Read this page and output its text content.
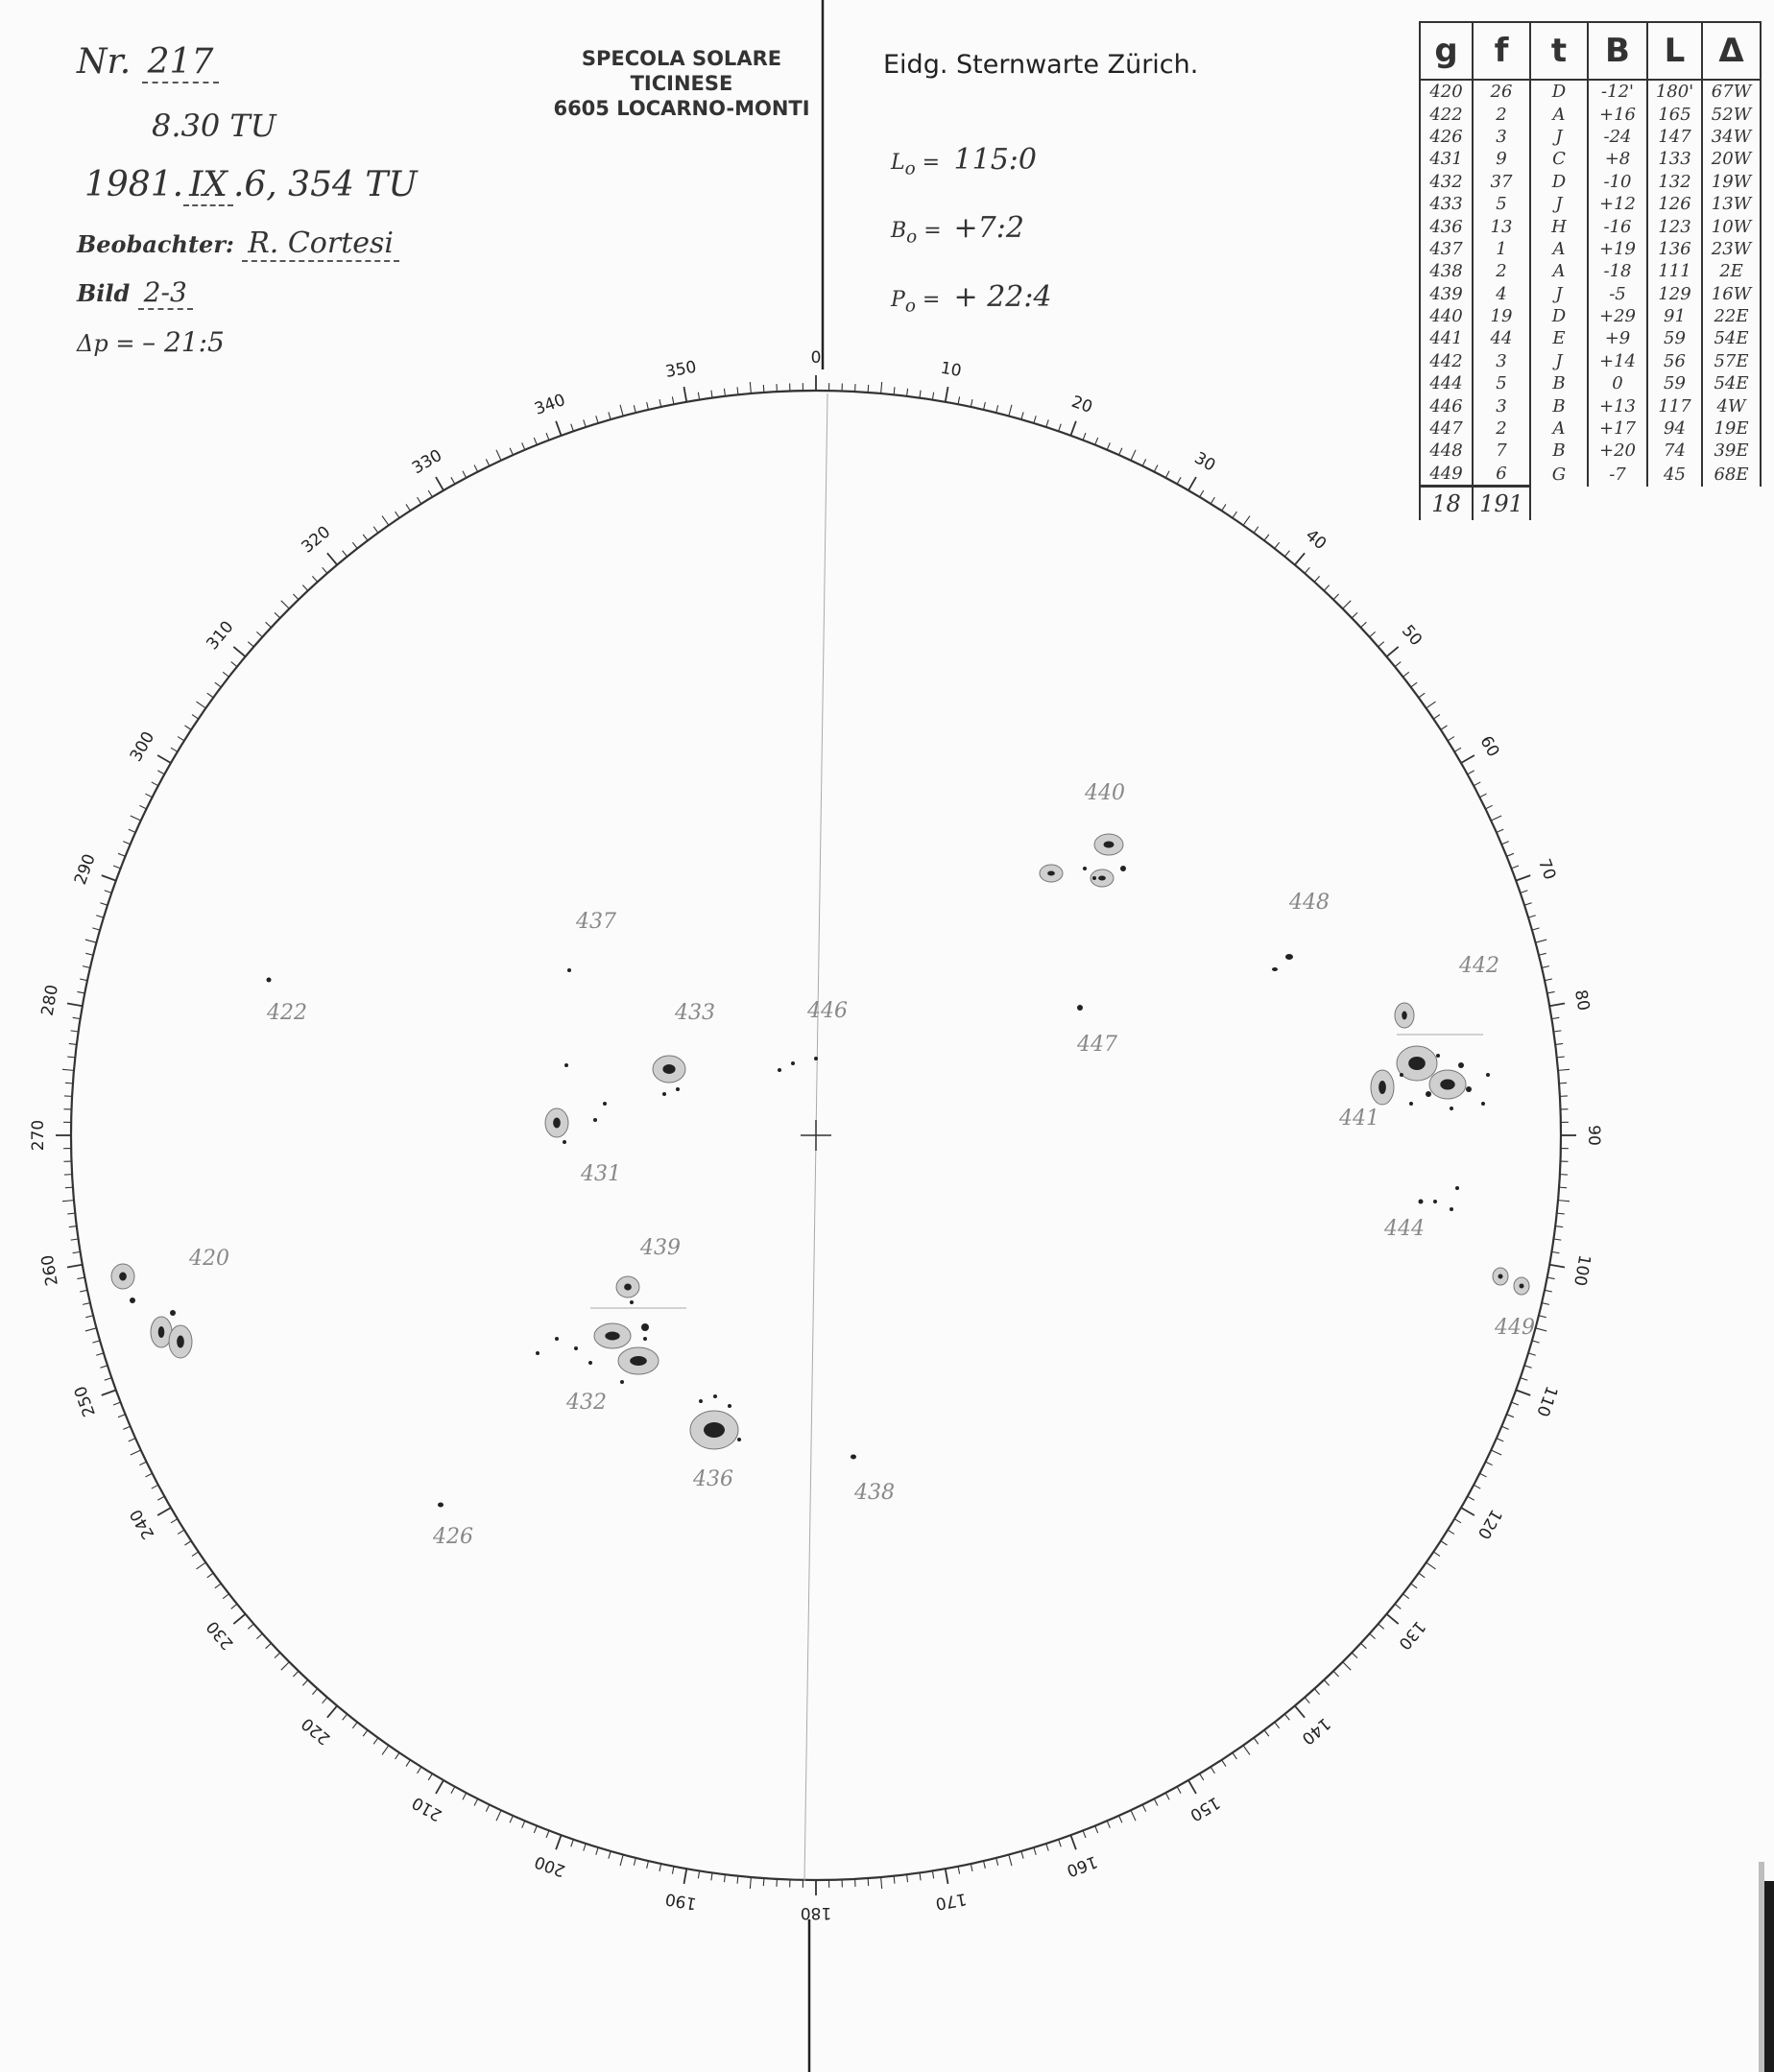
Nr. 217
8.30 TU
1981. IX .6, 354 TU
Beobachter: R. Cortesi
Bild 2-3
Δp = – 21:5
SPECOLA SOLARE
TICINESE
6605 LOCARNO-MONTI
Eidg. Sternwarte Zürich.
$L_o$ = 115:0
$B_o$ = +7:2
$P_o$ = + 22:4
g	f	t	B	L	Δ
420	26	D	-12'	180'	67W
422	2	A	+16	165	52W
426	3	J	-24	147	34W
431	9	C	+8	133	20W
432	37	D	-10	132	19W
433	5	J	+12	126	13W
436	13	H	-16	123	10W
437	1	A	+19	136	23W
438	2	A	-18	111	2E
439	4	J	-5	129	16W
440	19	D	+29	91	22E
441	44	E	+9	59	54E
442	3	J	+14	56	57E
444	5	B	0	59	54E
446	3	B	+13	117	4W
447	2	A	+17	94	19E
448	7	B	+20	74	39E
449	6	G	-7	45	68E
18	191				
0
10
20
30
40
50
60
70
80
90
100
110
120
130
140
150
160
170
180
190
200
210
220
230
240
250
260
270
280
290
300
310
320
330
340
350
420
422
426
431
432
433
436
437
438
439
440
441
442
444
446
447
448
449
